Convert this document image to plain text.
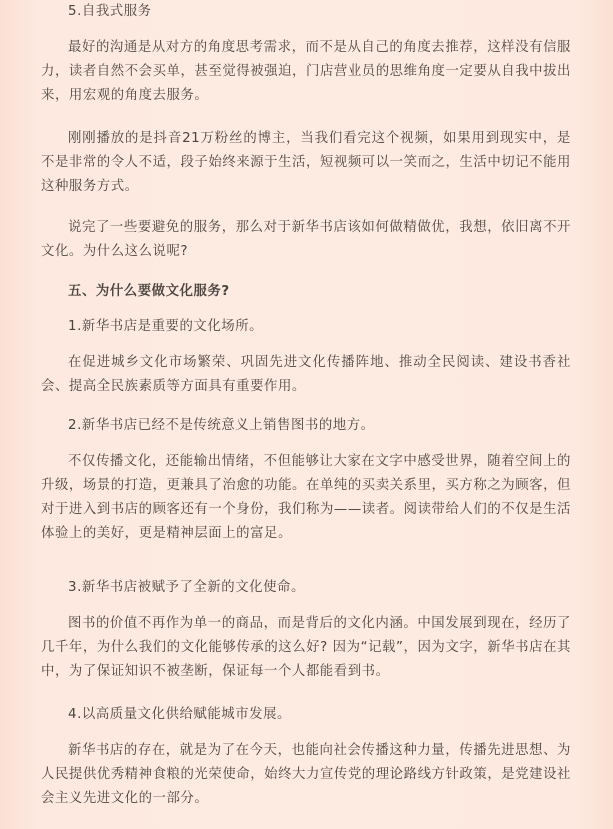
5.自我式服务

最好的沟通是从对方的角度思考需求，而不是从自己的角度去推荐，这样没有信服力，读者自然不会买单，甚至觉得被强迫，门店营业员的思维角度一定要从自我中拔出来，用宏观的角度去服务。

刚刚播放的是抖音21万粉丝的博主，当我们看完这个视频，如果用到现实中，是不是非常的令人不适，段子始终来源于生活，短视频可以一笑而之，生活中切记不能用这种服务方式。

说完了一些要避免的服务，那么对于新华书店该如何做精做优，我想，依旧离不开文化。为什么这么说呢?

五、为什么要做文化服务?

1.新华书店是重要的文化场所。

在促进城乡文化市场繁荣、巩固先进文化传播阵地、推动全民阅读、建设书香社会、提高全民族素质等方面具有重要作用。

2.新华书店已经不是传统意义上销售图书的地方。

不仅传播文化，还能输出情绪，不但能够让大家在文字中感受世界，随着空间上的升级，场景的打造，更兼具了治愈的功能。在单纯的买卖关系里，买方称之为顾客，但对于进入到书店的顾客还有一个身份，我们称为——读者。阅读带给人们的不仅是生活体验上的美好，更是精神层面上的富足。

3.新华书店被赋予了全新的文化使命。

图书的价值不再作为单一的商品，而是背后的文化内涵。中国发展到现在，经历了几千年，为什么我们的文化能够传承的这么好? 因为“记载”，因为文字，新华书店在其中，为了保证知识不被垄断，保证每一个人都能看到书。

4.以高质量文化供给赋能城市发展。

新华书店的存在，就是为了在今天，也能向社会传播这种力量，传播先进思想、为人民提供优秀精神食粮的光荣使命，始终大力宣传党的理论路线方针政策，是党建设社会主义先进文化的一部分。
